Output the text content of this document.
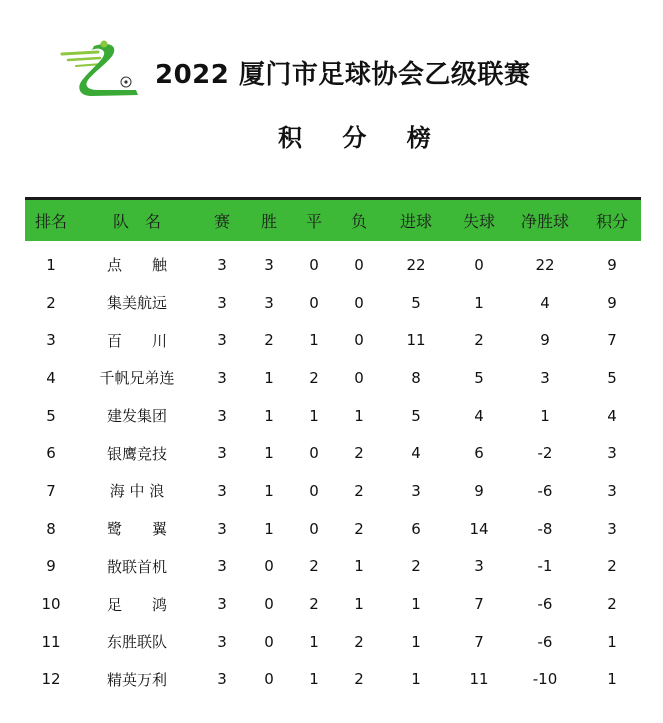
2022 厦门市足球协会乙级联赛
积 分 榜
排名	队　名	赛	胜	平	负	进球	失球	净胜球	积分
1	点　　触	3	3	0	0	22	0	22	9
2	集美航远	3	3	0	0	5	1	4	9
3	百　　川	3	2	1	0	11	2	9	7
4	千帆兄弟连	3	1	2	0	8	5	3	5
5	建发集团	3	1	1	1	5	4	1	4
6	银鹰竞技	3	1	0	2	4	6	-2	3
7	海 中 浪	3	1	0	2	3	9	-6	3
8	鹭　　翼	3	1	0	2	6	14	-8	3
9	散联首机	3	0	2	1	2	3	-1	2
10	足　　鸿	3	0	2	1	1	7	-6	2
11	东胜联队	3	0	1	2	1	7	-6	1
12	精英万利	3	0	1	2	1	11	-10	1
